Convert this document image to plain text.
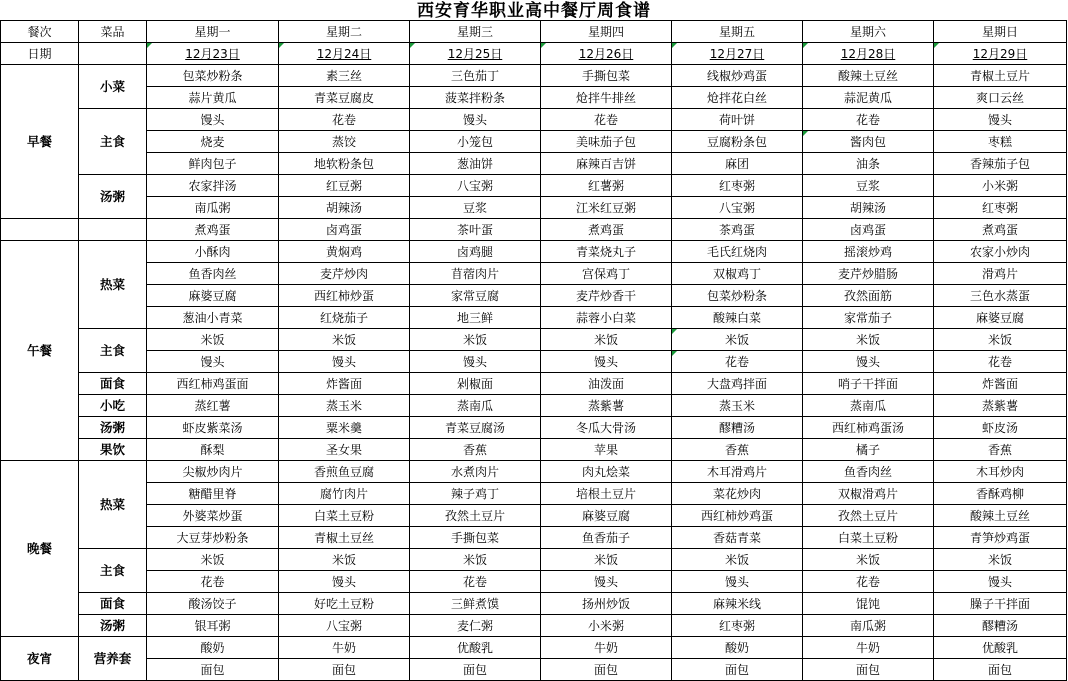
西安育华职业高中餐厅周食谱
餐次	菜品	星期一	星期二	星期三	星期四	星期五	星期六	星期日
日期		12月23日	12月24日	12月25日	12月26日	12月27日	12月28日	12月29日
早餐	小菜	包菜炒粉条	素三丝	三色茄丁	手撕包菜	线椒炒鸡蛋	酸辣土豆丝	青椒土豆片
		蒜片黄瓜	青菜豆腐皮	菠菜拌粉条	炝拌牛排丝	炝拌花白丝	蒜泥黄瓜	爽口云丝
	主食	馒头	花卷	馒头	花卷	荷叶饼	花卷	馒头
		烧麦	蒸饺	小笼包	美味茄子包	豆腐粉条包	酱肉包	枣糕
		鲜肉包子	地软粉条包	葱油饼	麻辣百吉饼	麻团	油条	香辣茄子包
	汤粥	农家拌汤	红豆粥	八宝粥	红薯粥	红枣粥	豆浆	小米粥
		南瓜粥	胡辣汤	豆浆	江米红豆粥	八宝粥	胡辣汤	红枣粥
		煮鸡蛋	卤鸡蛋	茶叶蛋	煮鸡蛋	茶鸡蛋	卤鸡蛋	煮鸡蛋
午餐	热菜	小酥肉	黄焖鸡	卤鸡腿	青菜烧丸子	毛氏红烧肉	摇滚炒鸡	农家小炒肉
		鱼香肉丝	麦芹炒肉	苜蓿肉片	宫保鸡丁	双椒鸡丁	麦芹炒腊肠	滑鸡片
		麻婆豆腐	西红柿炒蛋	家常豆腐	麦芹炒香干	包菜炒粉条	孜然面筋	三色水蒸蛋
		葱油小青菜	红烧茄子	地三鲜	蒜蓉小白菜	酸辣白菜	家常茄子	麻婆豆腐
	主食	米饭	米饭	米饭	米饭	米饭	米饭	米饭
		馒头	馒头	馒头	馒头	花卷	馒头	花卷
	面食	西红柿鸡蛋面	炸酱面	剁椒面	油泼面	大盘鸡拌面	哨子干拌面	炸酱面
	小吃	蒸红薯	蒸玉米	蒸南瓜	蒸紫薯	蒸玉米	蒸南瓜	蒸紫薯
	汤粥	虾皮紫菜汤	粟米羹	青菜豆腐汤	冬瓜大骨汤	醪糟汤	西红柿鸡蛋汤	虾皮汤
	果饮	酥梨	圣女果	香蕉	苹果	香蕉	橘子	香蕉
晚餐	热菜	尖椒炒肉片	香煎鱼豆腐	水煮肉片	肉丸烩菜	木耳滑鸡片	鱼香肉丝	木耳炒肉
		糖醋里脊	腐竹肉片	辣子鸡丁	培根土豆片	菜花炒肉	双椒滑鸡片	香酥鸡柳
		外婆菜炒蛋	白菜土豆粉	孜然土豆片	麻婆豆腐	西红柿炒鸡蛋	孜然土豆片	酸辣土豆丝
		大豆芽炒粉条	青椒土豆丝	手撕包菜	鱼香茄子	香菇青菜	白菜土豆粉	青笋炒鸡蛋
	主食	米饭	米饭	米饭	米饭	米饭	米饭	米饭
		花卷	馒头	花卷	馒头	馒头	花卷	馒头
	面食	酸汤饺子	好吃土豆粉	三鲜煮馍	扬州炒饭	麻辣米线	馄饨	臊子干拌面
	汤粥	银耳粥	八宝粥	麦仁粥	小米粥	红枣粥	南瓜粥	醪糟汤
夜宵	营养套	酸奶	牛奶	优酸乳	牛奶	酸奶	牛奶	优酸乳
		面包	面包	面包	面包	面包	面包	面包
